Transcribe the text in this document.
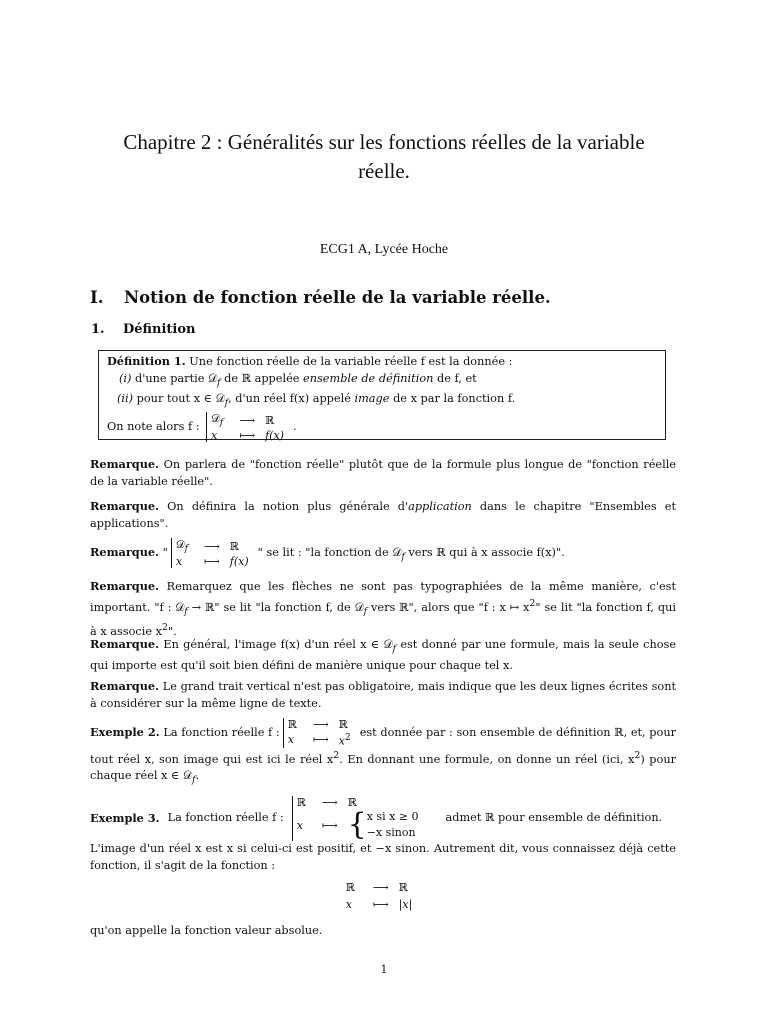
Chapitre 2 : Généralités sur les fonctions réelles de la variable
réelle.
ECG1 A, Lycée Hoche
I. Notion de fonction réelle de la variable réelle.
1. Définition
Définition 1. Une fonction réelle de la variable réelle f est la donnée :
(i) d'une partie 𝒟$_f$ de ℝ appelée ensemble de définition de f, et
(ii) pour tout x ∈ 𝒟$_f$, d'un réel f(x) appelé image de x par la fonction f.
On note alors f :
𝒟$_f$	⟶	ℝ
x	⟼	f(x)
.
Remarque. On parlera de "fonction réelle" plutôt que de la formule plus longue de "fonction réelle de la variable réelle".
Remarque. On définira la notion plus générale d'application dans le chapitre "Ensembles et applications".
Remarque. "
𝒟$_f$	⟶	ℝ
x	⟼	f(x)
" se lit : "la fonction de 𝒟$_f$ vers ℝ qui à x associe f(x)".
Remarque. Remarquez que les flèches ne sont pas typographiées de la même manière, c'est important. "f : 𝒟$_f$ → ℝ" se lit "la fonction f, de 𝒟$_f$ vers ℝ", alors que "f : x ↦ $x^2$" se lit "la fonction f, qui à x associe $x^2$".
Remarque. En général, l'image f(x) d'un réel x ∈ 𝒟$_f$ est donné par une formule, mais la seule chose qui importe est qu'il soit bien défini de manière unique pour chaque tel x.
Remarque. Le grand trait vertical n'est pas obligatoire, mais indique que les deux lignes écrites sont à considérer sur la même ligne de texte.
Exemple 2. La fonction réelle f :
ℝ	⟶	ℝ
x	⟼	$x^2$ est donnée par : son ensemble de définition ℝ, et, pour tout réel x, son image qui est ici le réel $x^2$. En donnant une formule, on donne un réel (ici, $x^2$) pour chaque réel x ∈ 𝒟$_f$.
Exemple 3. La fonction réelle f :
ℝ	⟶	ℝ
x	⟼	{ x si x ≥ 0
−x sinon
admet ℝ pour ensemble de définition.
L'image d'un réel x est x si celui-ci est positif, et −x sinon. Autrement dit, vous connaissez déjà cette fonction, il s'agit de la fonction :
ℝ	⟶	ℝ
x	⟼	|x|
qu'on appelle la fonction valeur absolue.
1
